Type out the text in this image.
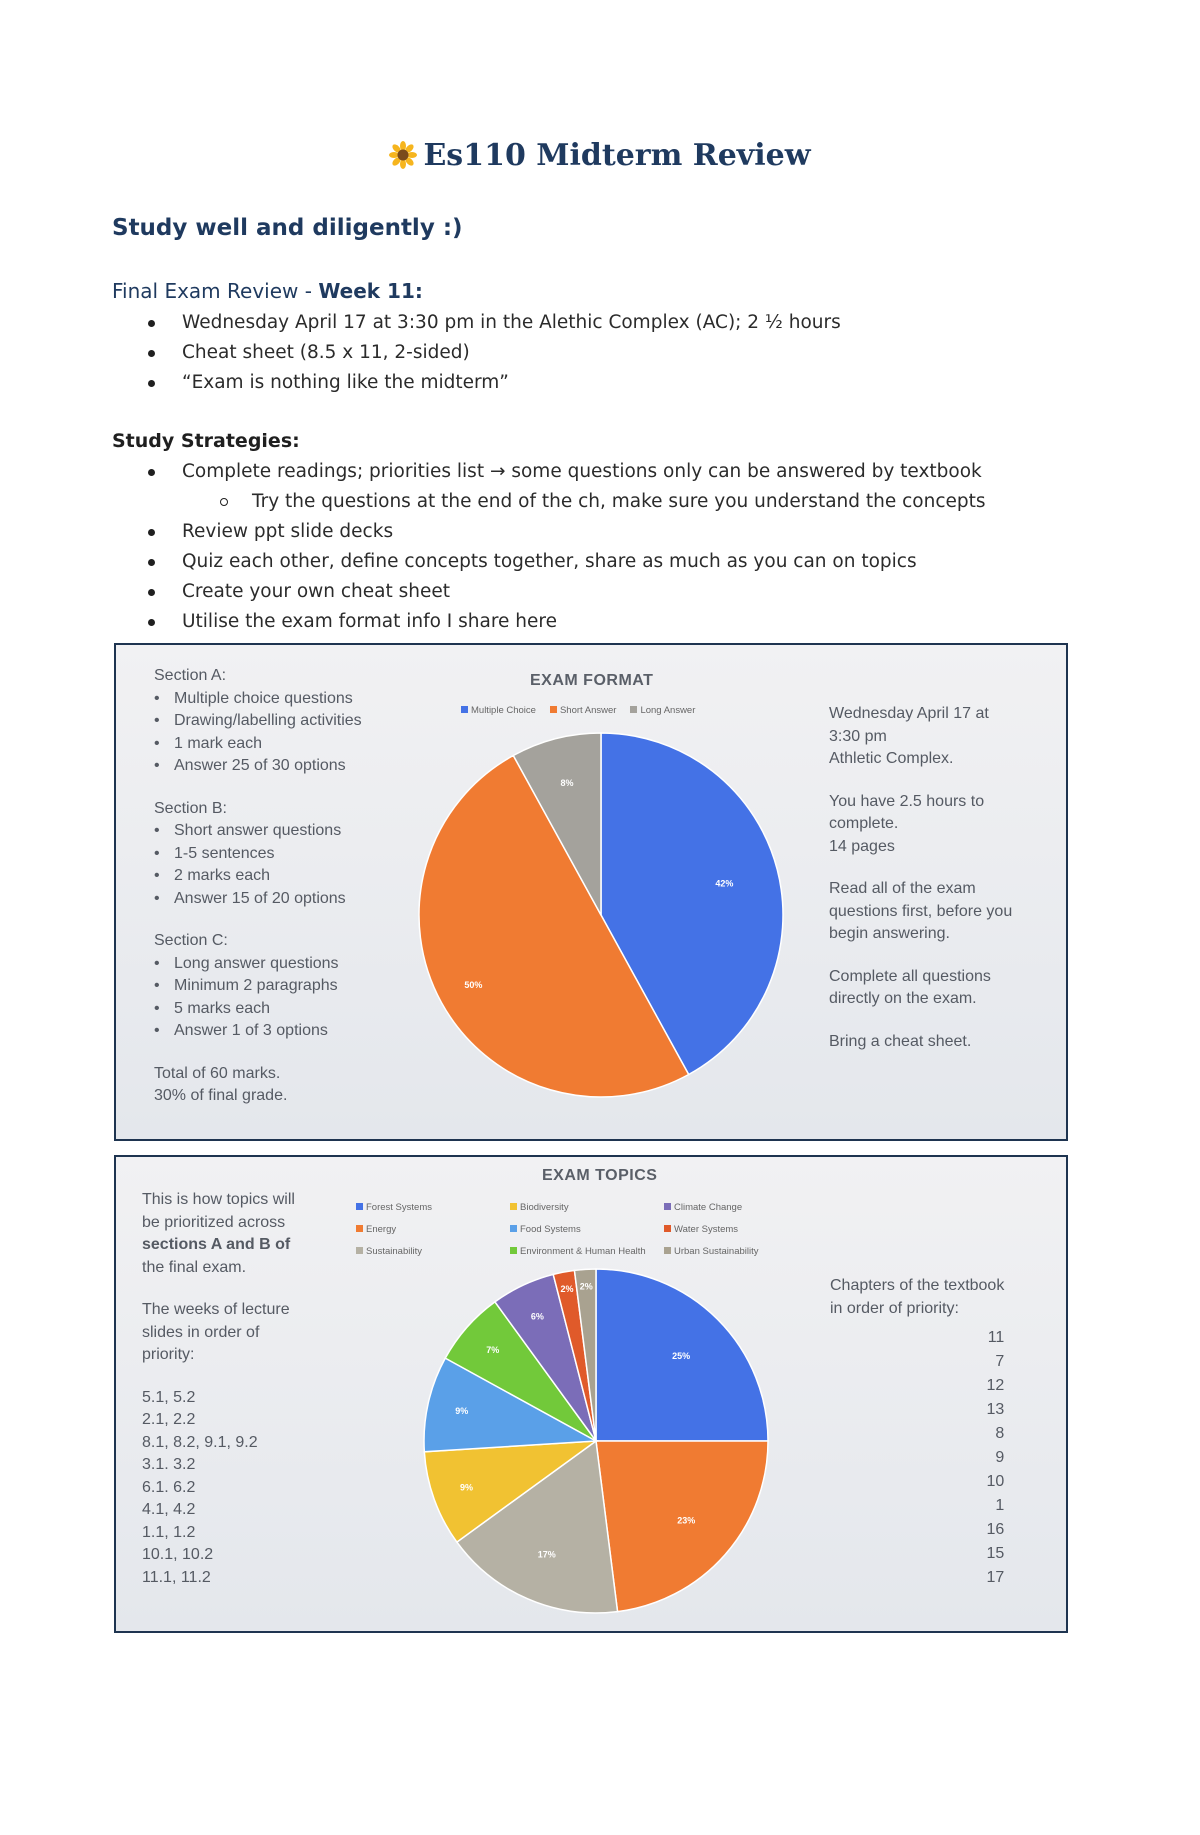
Es110 Midterm Review
Study well and diligently :)
Final Exam Review - Week 11:
Wednesday April 17 at 3:30 pm in the Alethic Complex (AC); 2 ½ hours
Cheat sheet (8.5 x 11, 2-sided)
“Exam is nothing like the midterm”
Study Strategies:
Complete readings; priorities list → some questions only can be answered by textbook
Try the questions at the end of the ch, make sure you understand the concepts
Review ppt slide decks
Quiz each other, define concepts together, share as much as you can on topics
Create your own cheat sheet
Utilise the exam format info I share here
Section A:
• Multiple choice questions
• Drawing/labelling activities
• 1 mark each
• Answer 25 of 30 options
Section B:
• Short answer questions
• 1-5 sentences
• 2 marks each
• Answer 15 of 20 options
Section C:
• Long answer questions
• Minimum 2 paragraphs
• 5 marks each
• Answer 1 of 3 options
Total of 60 marks.
30% of final grade.
EXAM FORMAT
Multiple Choice	Short Answer	Long Answer
42%
50%
8%
Wednesday April 17 at
3:30 pm
Athletic Complex.
You have 2.5 hours to
complete.
14 pages
Read all of the exam
questions first, before you
begin answering.
Complete all questions
directly on the exam.
Bring a cheat sheet.
This is how topics will
be prioritized across
sections A and B of
the final exam.
The weeks of lecture
slides in order of
priority:
5.1, 5.2
2.1, 2.2
8.1, 8.2, 9.1, 9.2
3.1. 3.2
6.1. 6.2
4.1, 4.2
1.1, 1.2
10.1, 10.2
11.1, 11.2
EXAM TOPICS
Forest Systems	Biodiversity	Climate ChangeEnergy	Food Systems	Water SystemsSustainability	Environment & Human Health	Urban Sustainability
25%
23%
17%
9%
9%
7%
6%
2% 2%	Chapters of the textbook
in order of priority:
11
7
12
13
8
9
10
1
16
15
17
